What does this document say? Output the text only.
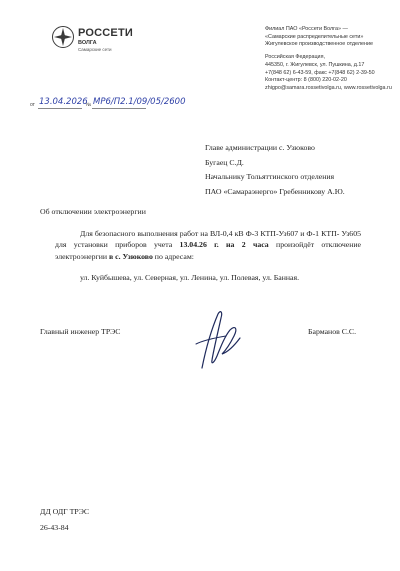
РОССЕТИ
ВОЛГА
Самарские сети
Филиал ПАО «Россети Волга» —
«Самарские распределительные сети»
Жигулевское производственное отделение
Российская Федерация,
445350, г. Жигулевск, ул. Пушкина, д.17
+7(848 62) 6-43-59, факс +7(848 62) 2-39-50
Контакт-центр: 8 (800) 220-02-20
zhigpo@samara.rossetivolga.ru, www.rossetivolga.ru
от 13.04.2026
№ МР6/П2.1/09/05/2600
Главе администрации с. Узюково
Бугаец С.Д.
Начальнику Тольяттинского отделения
ПАО «Самараэнерго» Гребенникову А.Ю.
Об отключении электроэнергии

Для безопасного выполнения работ на ВЛ-0,4 кВ Ф-3 КТП-Уз607 и Ф-1 КТП- Уз605 для установки приборов учета 13.04.26 г. на 2 часа произойдёт отключение электроэнергии в с. Узюково по адресам:

ул. Куйбышева, ул. Северная, ул. Ленина, ул. Полевая, ул. Банная.
Главный инженер ТРЭС	Барманов С.С.
ДД ОДГ ТРЭС
26-43-84
